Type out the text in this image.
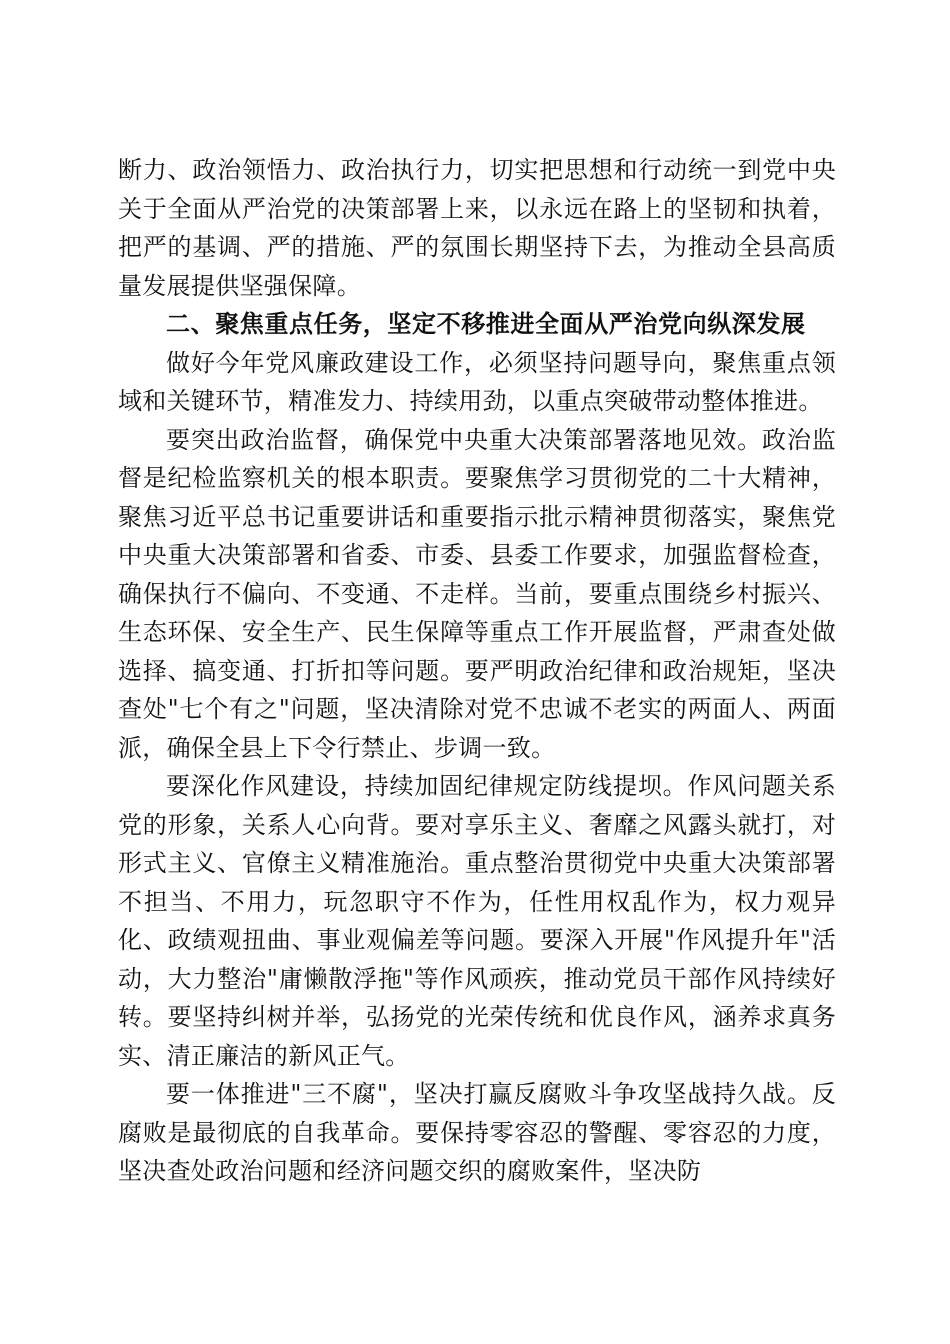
断力、政治领悟力、政治执行力，切实把思想和行动统一到党中央关于全面从严治党的决策部署上来，以永远在路上的坚韧和执着，把严的基调、严的措施、严的氛围长期坚持下去，为推动全县高质量发展提供坚强保障。

二、聚焦重点任务，坚定不移推进全面从严治党向纵深发展

做好今年党风廉政建设工作，必须坚持问题导向，聚焦重点领域和关键环节，精准发力、持续用劲，以重点突破带动整体推进。

要突出政治监督，确保党中央重大决策部署落地见效。政治监督是纪检监察机关的根本职责。要聚焦学习贯彻党的二十大精神，聚焦习近平总书记重要讲话和重要指示批示精神贯彻落实，聚焦党中央重大决策部署和省委、市委、县委工作要求，加强监督检查，确保执行不偏向、不变通、不走样。当前，要重点围绕乡村振兴、生态环保、安全生产、民生保障等重点工作开展监督，严肃查处做选择、搞变通、打折扣等问题。要严明政治纪律和政治规矩，坚决查处"七个有之"问题，坚决清除对党不忠诚不老实的两面人、两面派，确保全县上下令行禁止、步调一致。

要深化作风建设，持续加固纪律规定防线提坝。作风问题关系党的形象，关系人心向背。要对享乐主义、奢靡之风露头就打，对形式主义、官僚主义精准施治。重点整治贯彻党中央重大决策部署不担当、不用力，玩忽职守不作为，任性用权乱作为，权力观异化、政绩观扭曲、事业观偏差等问题。要深入开展"作风提升年"活动，大力整治"庸懒散浮拖"等作风顽疾，推动党员干部作风持续好转。要坚持纠树并举，弘扬党的光荣传统和优良作风，涵养求真务实、清正廉洁的新风正气。

要一体推进"三不腐"，坚决打赢反腐败斗争攻坚战持久战。反腐败是最彻底的自我革命。要保持零容忍的警醒、零容忍的力度，坚决查处政治问题和经济问题交织的腐败案件，坚决防
